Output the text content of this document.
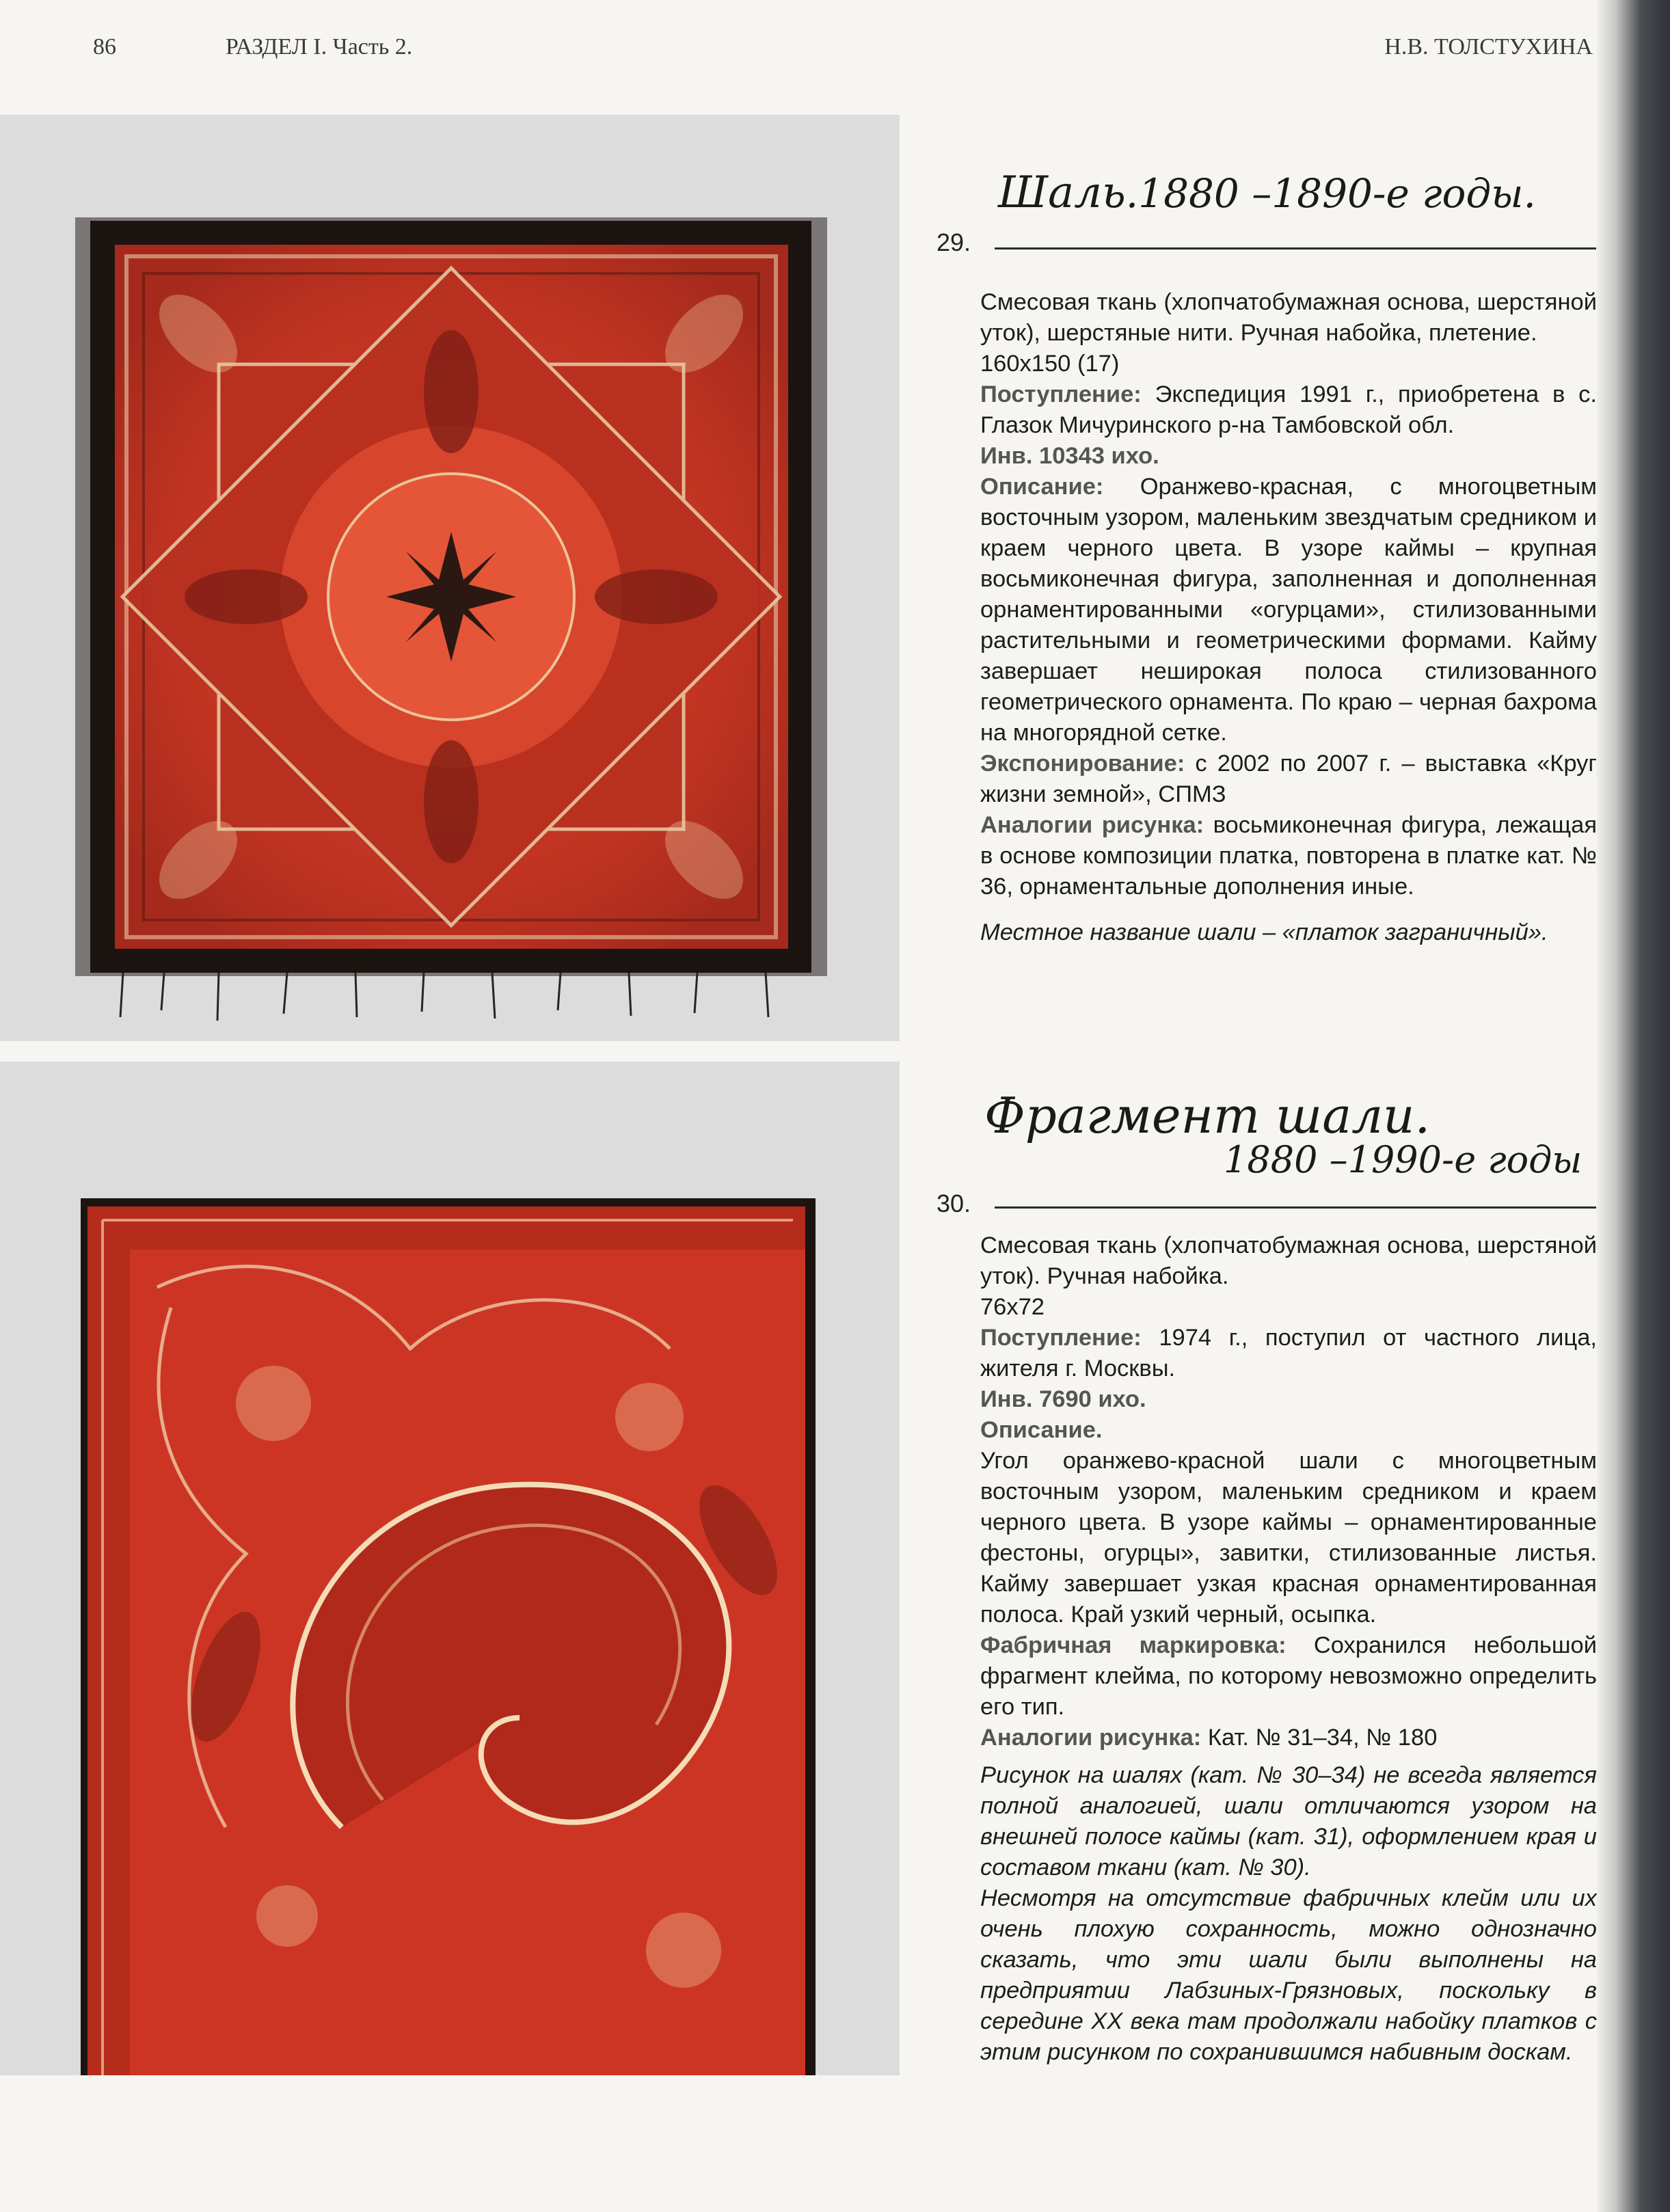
86	РАЗДЕЛ I. Часть 2.	Н.В. ТОЛСТУХИНА
Шаль.1880 –1890-е годы.
29.

Смесовая ткань (хлопчатобумажная основа, шерстяной уток), шерстяные нити. Ручная набойка, плетение.

160х150 (17)

Поступление: Экспедиция 1991 г., приобретена в с. Глазок Мичуринского р-на Тамбовской обл.

Инв. 10343 ихо.

Описание: Оранжево-красная, с многоцветным восточным узором, маленьким звездчатым средником и краем черного цвета. В узоре каймы – крупная восьмиконечная фигура, заполненная и дополненная орнаментированными «огурцами», стилизованными растительными и геометрическими формами. Кайму завершает неширокая полоса стилизованного геометрического орнамента. По краю – черная бахрома на многорядной сетке.

Экспонирование: с 2002 по 2007 г. – выставка «Круг жизни земной», СПМЗ

Аналогии рисунка: восьмиконечная фигура, лежащая в основе композиции платка, повторена в платке кат. № 36, орнаментальные дополнения иные.

Местное название шали – «платок заграничный».

Фрагмент шали.
1880 –1990-е годы
30.

Смесовая ткань (хлопчатобумажная основа, шерстяной уток). Ручная набойка.

76х72

Поступление: 1974 г., поступил от частного лица, жителя г. Москвы.

Инв. 7690 ихо.

Описание.

Угол оранжево-красной шали с многоцветным восточным узором, маленьким средником и краем черного цвета. В узоре каймы – орнаментированные фестоны, огурцы», завитки, стилизованные листья. Кайму завершает узкая красная орнаментированная полоса. Край узкий черный, осыпка.

Фабричная маркировка: Сохранился небольшой фрагмент клейма, по которому невозможно определить его тип.

Аналогии рисунка: Кат. № 31–34, № 180

Рисунок на шалях (кат. № 30–34) не всегда является полной аналогией, шали отличаются узором на внешней полосе каймы (кат. 31), оформлением края и составом ткани (кат. № 30).

Несмотря на отсутствие фабричных клейм или их очень плохую сохранность, можно однозначно сказать, что эти шали были выполнены на предприятии Лабзиных-Грязновых, поскольку в середине XX века там продолжали набойку платков с этим рисунком по сохранившимся набивным доскам.
